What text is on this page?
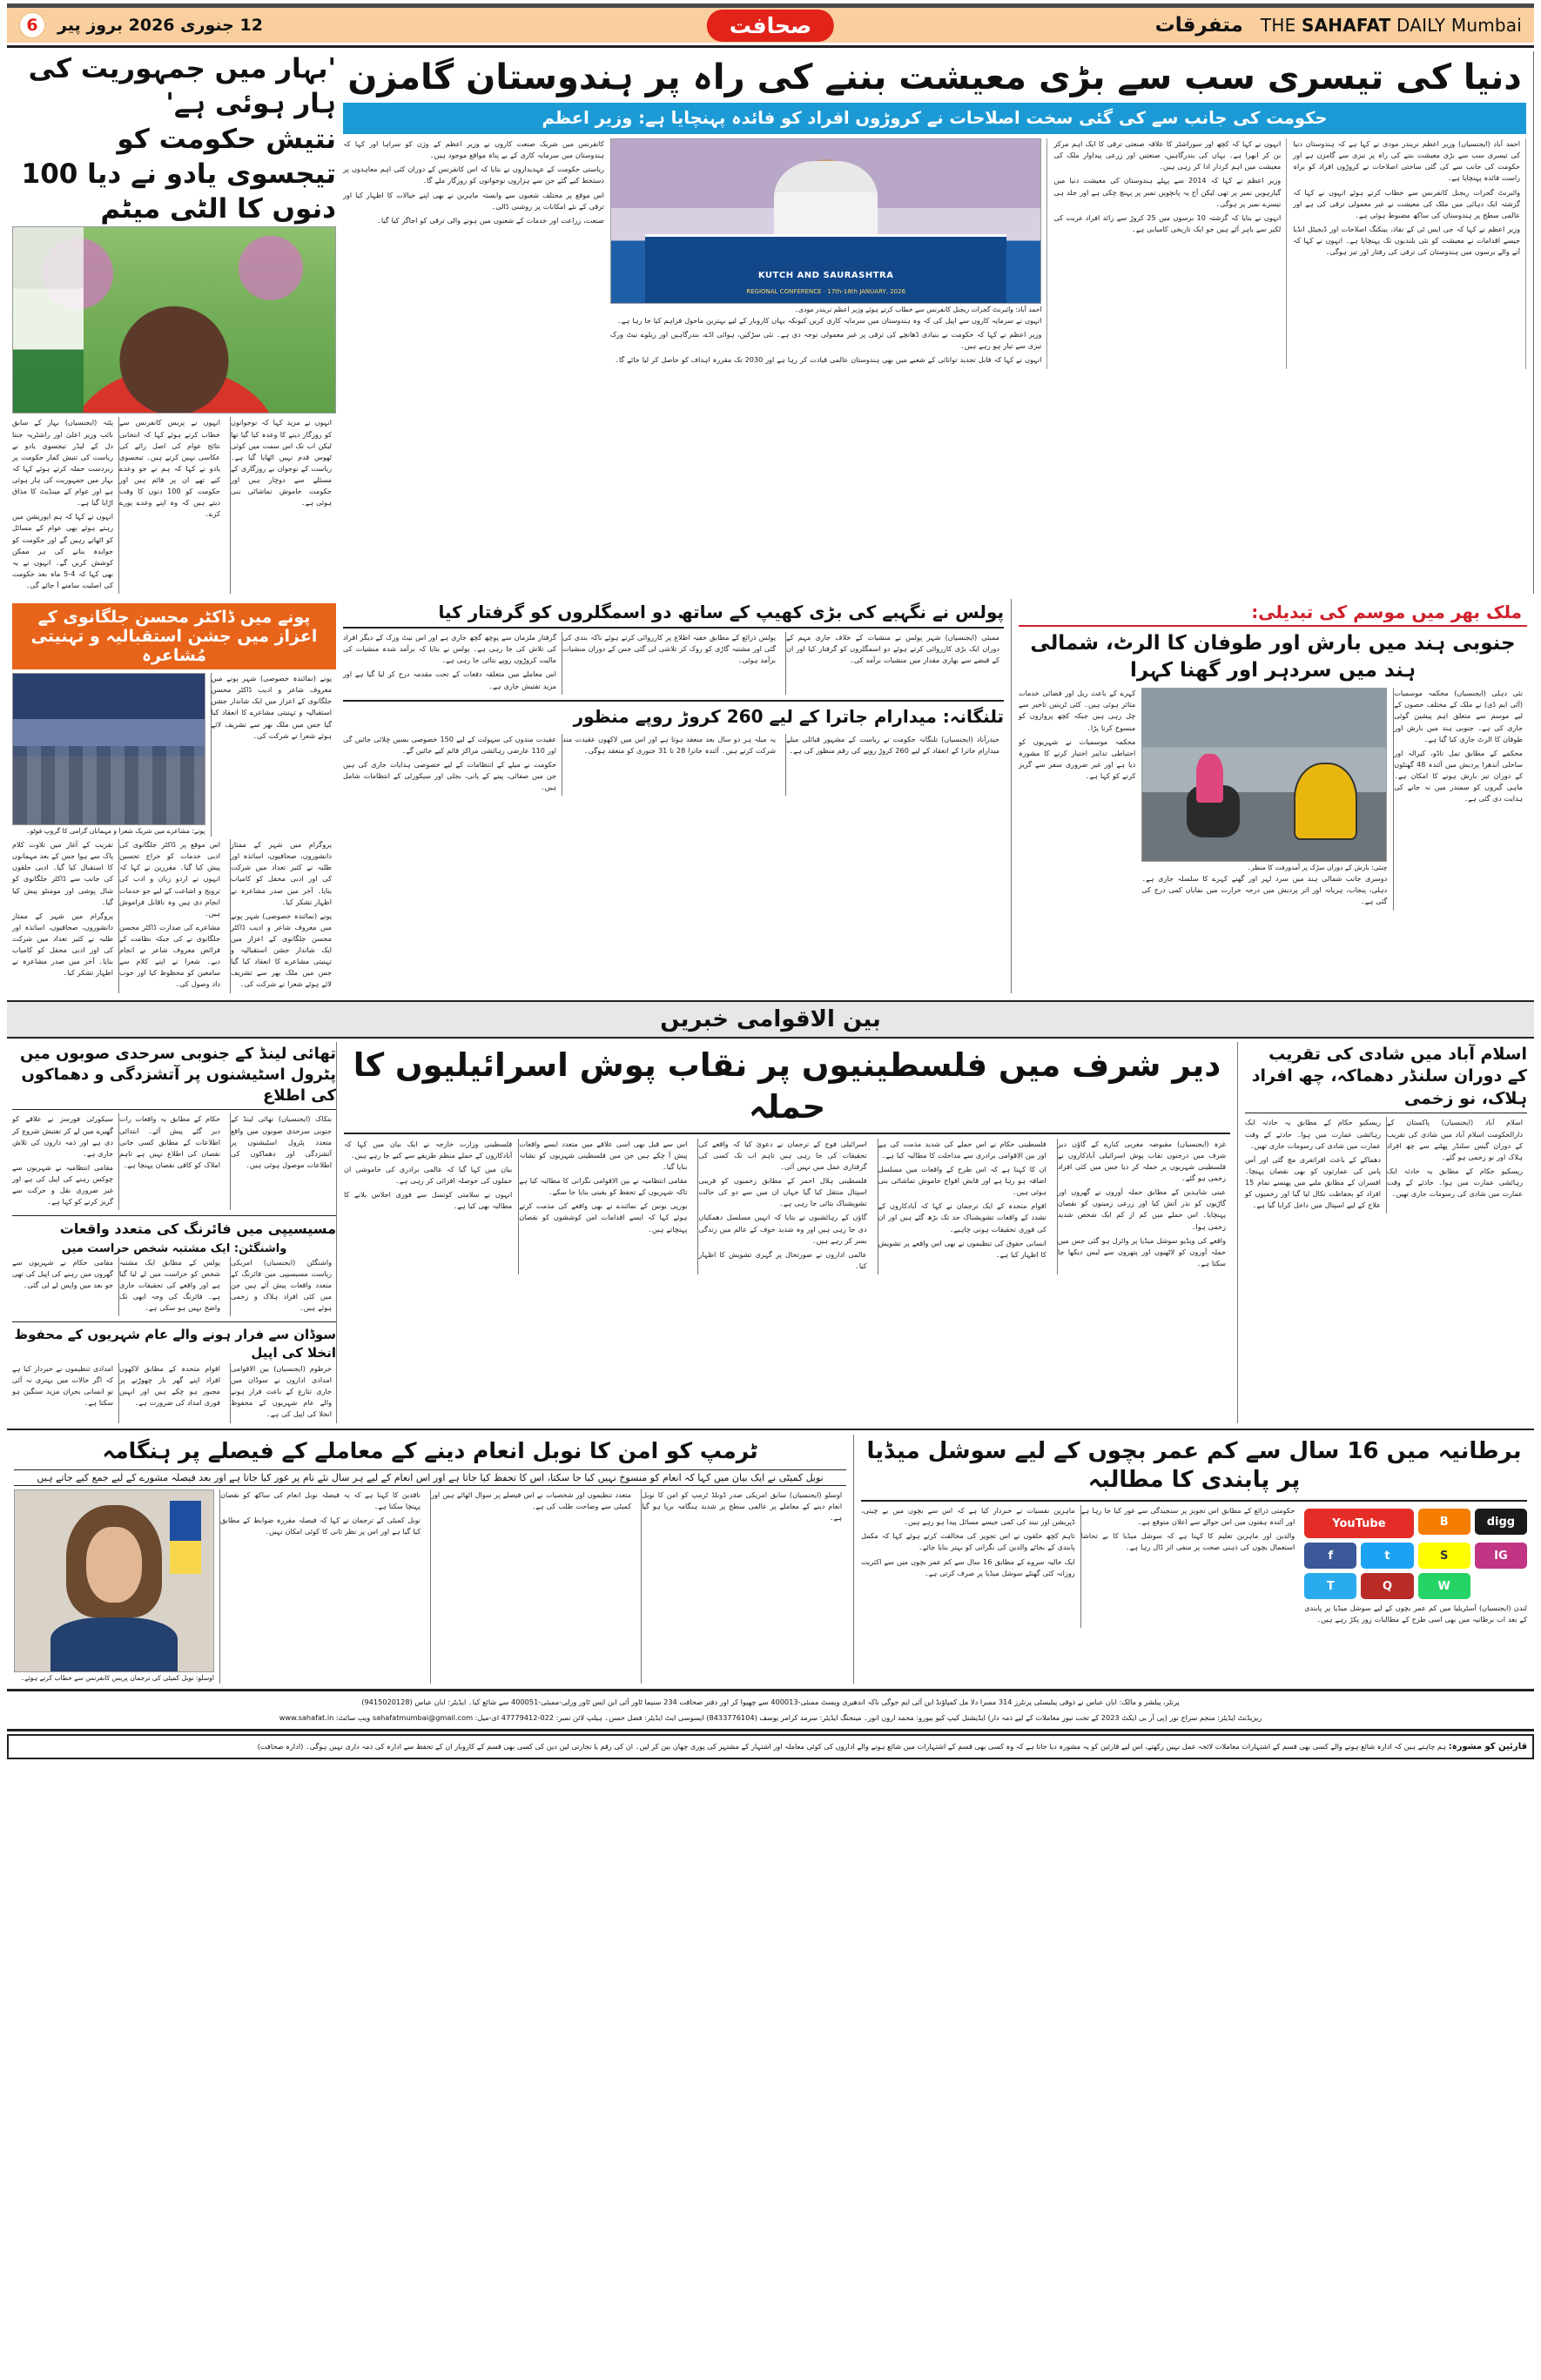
6	12 جنوری 2026 بروز پیر	صحافت	متفرقات THE SAHAFAT DAILY Mumbai
'بہار میں جمہوریت کی ہار ہوئی ہے'
نتیش حکومت کو تیجسوی یادو نے دیا 100 دنوں کا الٹی میٹم

پٹنہ (ایجنسیاں) بہار کے سابق نائب وزیر اعلیٰ اور راشٹریہ جنتا دل کے لیڈر تیجسوی یادو نے ریاست کی نتیش کمار حکومت پر زبردست حملہ کرتے ہوئے کہا کہ بہار میں جمہوریت کی ہار ہوئی ہے اور عوام کے مینڈیٹ کا مذاق اڑایا گیا ہے۔

انہوں نے کہا کہ ہم اپوزیشن میں رہتے ہوئے بھی عوام کے مسائل کو اٹھاتے رہیں گے اور حکومت کو جوابدہ بنانے کی ہر ممکن کوشش کریں گے۔ انہوں نے یہ بھی کہا کہ 4-5 ماہ بعد حکومت کی اصلیت سامنے آ جائے گی۔

انہوں نے پریس کانفرنس سے خطاب کرتے ہوئے کہا کہ انتخابی نتائج عوام کی اصل رائے کی عکاسی نہیں کرتے ہیں۔ تیجسوی یادو نے کہا کہ ہم نے جو وعدے کیے تھے ان پر قائم ہیں اور حکومت کو 100 دنوں کا وقت دیتے ہیں کہ وہ اپنے وعدے پورے کرے۔

انہوں نے مزید کہا کہ نوجوانوں کو روزگار دینے کا وعدہ کیا گیا تھا لیکن اب تک اس سمت میں کوئی ٹھوس قدم نہیں اٹھایا گیا ہے۔ ریاست کے نوجوان بے روزگاری کے مسئلے سے دوچار ہیں اور حکومت خاموش تماشائی بنی ہوئی ہے۔

دنیا کی تیسری سب سے بڑی معیشت بننے کی راہ پر ہندوستان گامزن
حکومت کی جانب سے کی گئی سخت اصلاحات نے کروڑوں افراد کو فائدہ پہنچایا ہے: وزیر اعظم

کانفرنس میں شریک صنعت کاروں نے وزیر اعظم کے وژن کو سراہا اور کہا کہ ہندوستان میں سرمایہ کاری کے بے پناہ مواقع موجود ہیں۔

ریاستی حکومت کے عہدیداروں نے بتایا کہ اس کانفرنس کے دوران کئی اہم معاہدوں پر دستخط کیے گئے جن سے ہزاروں نوجوانوں کو روزگار ملے گا۔

اس موقع پر مختلف شعبوں سے وابستہ ماہرین نے بھی اپنے خیالات کا اظہار کیا اور ترقی کے نئے امکانات پر روشنی ڈالی۔

صنعت، زراعت اور خدمات کے شعبوں میں ہونے والی ترقی کو اجاگر کیا گیا۔

KUTCH AND SAURASHTRA
REGIONAL CONFERENCE · 17th-18th JANUARY, 2026
احمد آباد: وائبرنٹ گجرات ریجنل کانفرنس سے خطاب کرتے ہوئے وزیر اعظم نریندر مودی۔

انہوں نے سرمایہ کاروں سے اپیل کی کہ وہ ہندوستان میں سرمایہ کاری کریں کیونکہ یہاں کاروبار کے لیے بہترین ماحول فراہم کیا جا رہا ہے۔

وزیر اعظم نے کہا کہ حکومت نے بنیادی ڈھانچے کی ترقی پر غیر معمولی توجہ دی ہے۔ نئی سڑکیں، ہوائی اڈے، بندرگاہیں اور ریلوے نیٹ ورک تیزی سے تیار ہو رہے ہیں۔

انہوں نے کہا کہ قابل تجدید توانائی کے شعبے میں بھی ہندوستان عالمی قیادت کر رہا ہے اور 2030 تک مقررہ اہداف کو حاصل کر لیا جائے گا۔

انہوں نے کہا کہ کچھ اور سوراشٹر کا علاقہ صنعتی ترقی کا ایک اہم مرکز بن کر ابھرا ہے۔ یہاں کی بندرگاہیں، صنعتیں اور زرعی پیداوار ملک کی معیشت میں اہم کردار ادا کر رہی ہیں۔

وزیر اعظم نے کہا کہ 2014 سے پہلے ہندوستان کی معیشت دنیا میں گیارہویں نمبر پر تھی لیکن آج یہ پانچویں نمبر پر پہنچ چکی ہے اور جلد ہی تیسرے نمبر پر ہوگی۔

انہوں نے بتایا کہ گزشتہ 10 برسوں میں 25 کروڑ سے زائد افراد غربت کی لکیر سے باہر آئے ہیں جو ایک تاریخی کامیابی ہے۔

احمد آباد (ایجنسیاں) وزیر اعظم نریندر مودی نے کہا ہے کہ ہندوستان دنیا کی تیسری سب سے بڑی معیشت بننے کی راہ پر تیزی سے گامزن ہے اور حکومت کی جانب سے کی گئی ساختی اصلاحات نے کروڑوں افراد کو براہ راست فائدہ پہنچایا ہے۔

وائبرنٹ گجرات ریجنل کانفرنس سے خطاب کرتے ہوئے انہوں نے کہا کہ گزشتہ ایک دہائی میں ملک کی معیشت نے غیر معمولی ترقی کی ہے اور عالمی سطح پر ہندوستان کی ساکھ مضبوط ہوئی ہے۔

وزیر اعظم نے کہا کہ جی ایس ٹی کے نفاذ، بینکنگ اصلاحات اور ڈیجیٹل انڈیا جیسے اقدامات نے معیشت کو نئی بلندیوں تک پہنچایا ہے۔ انہوں نے کہا کہ آنے والے برسوں میں ہندوستان کی ترقی کی رفتار اور تیز ہوگی۔

پونے میں ڈاکٹر محسن جلگانوی کے اعزاز میں جشن استقبالیہ و تہنیتی مُشاعرہ
پونے: مشاعرے میں شریک شعرا و مہمانان گرامی کا گروپ فوٹو۔

پونے (نمائندہ خصوصی) شہر پونے میں معروف شاعر و ادیب ڈاکٹر محسن جلگانوی کے اعزاز میں ایک شاندار جشن استقبالیہ و تہنیتی مشاعرے کا انعقاد کیا گیا جس میں ملک بھر سے تشریف لائے ہوئے شعرا نے شرکت کی۔

تقریب کے آغاز میں تلاوت کلام پاک سے ہوا جس کے بعد مہمانوں کا استقبال کیا گیا۔ ادبی حلقوں کی جانب سے ڈاکٹر جلگانوی کو شال پوشی اور مومنٹو پیش کیا گیا۔

پروگرام میں شہر کے ممتاز دانشوروں، صحافیوں، اساتذہ اور طلبہ نے کثیر تعداد میں شرکت کی اور ادبی محفل کو کامیاب بنایا۔ آخر میں صدر مشاعرہ نے اظہار تشکر کیا۔

اس موقع پر ڈاکٹر جلگانوی کی ادبی خدمات کو خراج تحسین پیش کیا گیا۔ مقررین نے کہا کہ انہوں نے اردو زبان و ادب کی ترویج و اشاعت کے لیے جو خدمات انجام دی ہیں وہ ناقابل فراموش ہیں۔

مشاعرے کی صدارت ڈاکٹر محسن جلگانوی نے کی جبکہ نظامت کے فرائض معروف شاعر نے انجام دیے۔ شعرا نے اپنے کلام سے سامعین کو محظوظ کیا اور خوب داد وصول کی۔

پروگرام میں شہر کے ممتاز دانشوروں، صحافیوں، اساتذہ اور طلبہ نے کثیر تعداد میں شرکت کی اور ادبی محفل کو کامیاب بنایا۔ آخر میں صدر مشاعرہ نے اظہار تشکر کیا۔

پونے (نمائندہ خصوصی) شہر پونے میں معروف شاعر و ادیب ڈاکٹر محسن جلگانوی کے اعزاز میں ایک شاندار جشن استقبالیہ و تہنیتی مشاعرے کا انعقاد کیا گیا جس میں ملک بھر سے تشریف لائے ہوئے شعرا نے شرکت کی۔

پولس نے نگہبے کی بڑی کھیپ کے ساتھ دو اسمگلروں کو گرفتار کیا

گرفتار ملزمان سے پوچھ گچھ جاری ہے اور اس نیٹ ورک کے دیگر افراد کی تلاش کی جا رہی ہے۔ پولس نے بتایا کہ برآمد شدہ منشیات کی مالیت کروڑوں روپے بتائی جا رہی ہے۔

اس معاملے میں متعلقہ دفعات کے تحت مقدمہ درج کر لیا گیا ہے اور مزید تفتیش جاری ہے۔

پولس ذرائع کے مطابق خفیہ اطلاع پر کارروائی کرتے ہوئے ناکہ بندی کی گئی اور مشتبہ گاڑی کو روک کر تلاشی لی گئی جس کے دوران منشیات برآمد ہوئی۔

ممبئی (ایجنسیاں) شہر پولس نے منشیات کے خلاف جاری مہم کے دوران ایک بڑی کارروائی کرتے ہوئے دو اسمگلروں کو گرفتار کیا اور ان کے قبضے سے بھاری مقدار میں منشیات برآمد کی۔

تلنگانہ: میدارام جاترا کے لیے 260 کروڑ روپے منظور

عقیدت مندوں کی سہولت کے لیے 150 خصوصی بسیں چلائی جائیں گی اور 110 عارضی رہائشی مراکز قائم کیے جائیں گے۔

حکومت نے میلے کے انتظامات کے لیے خصوصی ہدایات جاری کی ہیں جن میں صفائی، پینے کے پانی، بجلی اور سیکورٹی کے انتظامات شامل ہیں۔

یہ میلہ ہر دو سال بعد منعقد ہوتا ہے اور اس میں لاکھوں عقیدت مند شرکت کرتے ہیں۔ آئندہ جاترا 28 تا 31 جنوری کو منعقد ہوگی۔

حیدرآباد (ایجنسیاں) تلنگانہ حکومت نے ریاست کے مشہور قبائلی میلے میدارام جاترا کے انعقاد کے لیے 260 کروڑ روپے کی رقم منظور کی ہے۔

ملک بھر میں موسم کی تبدیلی:
جنوبی ہند میں بارش اور طوفان کا الرٹ، شمالی ہند میں سردہر اور گھنا کہرا

کہرے کے باعث ریل اور فضائی خدمات متاثر ہوئی ہیں۔ کئی ٹرینیں تاخیر سے چل رہی ہیں جبکہ کچھ پروازوں کو منسوخ کرنا پڑا۔

محکمہ موسمیات نے شہریوں کو احتیاطی تدابیر اختیار کرنے کا مشورہ دیا ہے اور غیر ضروری سفر سے گریز کرنے کو کہا ہے۔

چنئی: بارش کے دوران سڑک پر آمدورفت کا منظر۔

دوسری جانب شمالی ہند میں سرد لہر اور گھنے کہرے کا سلسلہ جاری ہے۔ دہلی، پنجاب، ہریانہ اور اتر پردیش میں درجہ حرارت میں نمایاں کمی درج کی گئی ہے۔

نئی دہلی (ایجنسیاں) محکمہ موسمیات (آئی ایم ڈی) نے ملک کے مختلف حصوں کے لیے موسم سے متعلق اہم پیشین گوئی جاری کی ہے۔ جنوبی ہند میں بارش اور طوفان کا الرٹ جاری کیا گیا ہے۔

محکمے کے مطابق تمل ناڈو، کیرالہ اور ساحلی آندھرا پردیش میں آئندہ 48 گھنٹوں کے دوران تیز بارش ہونے کا امکان ہے۔ ماہی گیروں کو سمندر میں نہ جانے کی ہدایت دی گئی ہے۔

بین الاقوامی خبریں
تھائی لینڈ کے جنوبی سرحدی صوبوں میں پٹرول اسٹیشنوں پر آتشزدگی و دھماکوں کی اطلاع

سیکورٹی فورسز نے علاقے کو گھیرے میں لے کر تفتیش شروع کر دی ہے اور ذمہ داروں کی تلاش جاری ہے۔

مقامی انتظامیہ نے شہریوں سے چوکس رہنے کی اپیل کی ہے اور غیر ضروری نقل و حرکت سے گریز کرنے کو کہا ہے۔

حکام کے مطابق یہ واقعات رات دیر گئے پیش آئے۔ ابتدائی اطلاعات کے مطابق کسی جانی نقصان کی اطلاع نہیں ہے تاہم املاک کو کافی نقصان پہنچا ہے۔

بنکاک (ایجنسیاں) تھائی لینڈ کے جنوبی سرحدی صوبوں میں واقع متعدد پٹرول اسٹیشنوں پر آتشزدگی اور دھماکوں کی اطلاعات موصول ہوئی ہیں۔

مسیسیپی میں فائرنگ کی متعدد واقعات
واشنگٹن: ایک مشتبہ شخص حراست میں

مقامی حکام نے شہریوں سے گھروں میں رہنے کی اپیل کی تھی جو بعد میں واپس لے لی گئی۔

پولس کے مطابق ایک مشتبہ شخص کو حراست میں لے لیا گیا ہے اور واقعے کی تحقیقات جاری ہے۔ فائرنگ کی وجہ ابھی تک واضح نہیں ہو سکی ہے۔

واشنگٹن (ایجنسیاں) امریکی ریاست مسیسیپی میں فائرنگ کے متعدد واقعات پیش آئے ہیں جن میں کئی افراد ہلاک و زخمی ہوئے ہیں۔

سوڈان سے فرار ہونے والے عام شہریوں کے محفوظ انخلا کی اپیل

امدادی تنظیموں نے خبردار کیا ہے کہ اگر حالات میں بہتری نہ آئی تو انسانی بحران مزید سنگین ہو سکتا ہے۔

اقوام متحدہ کے مطابق لاکھوں افراد اپنے گھر بار چھوڑنے پر مجبور ہو چکے ہیں اور انہیں فوری امداد کی ضرورت ہے۔

خرطوم (ایجنسیاں) بین الاقوامی امدادی اداروں نے سوڈان میں جاری تنازع کے باعث فرار ہونے والے عام شہریوں کے محفوظ انخلا کی اپیل کی ہے۔

دیر شرف میں فلسطینیوں پر نقاب پوش اسرائیلیوں کا حملہ

فلسطینی وزارت خارجہ نے ایک بیان میں کہا کہ آبادکاروں کے حملے منظم طریقے سے کیے جا رہے ہیں۔

بیان میں کہا گیا کہ عالمی برادری کی خاموشی ان حملوں کی حوصلہ افزائی کر رہی ہے۔

انہوں نے سلامتی کونسل سے فوری اجلاس بلانے کا مطالبہ بھی کیا ہے۔

اس سے قبل بھی اسی علاقے میں متعدد ایسے واقعات پیش آ چکے ہیں جن میں فلسطینی شہریوں کو نشانہ بنایا گیا۔

مقامی انتظامیہ نے بین الاقوامی نگرانی کا مطالبہ کیا ہے تاکہ شہریوں کے تحفظ کو یقینی بنایا جا سکے۔

یورپی یونین کے نمائندے نے بھی واقعے کی مذمت کرتے ہوئے کہا کہ ایسے اقدامات امن کوششوں کو نقصان پہنچاتے ہیں۔

اسرائیلی فوج کے ترجمان نے دعویٰ کیا کہ واقعے کی تحقیقات کی جا رہی ہیں تاہم اب تک کسی کی گرفتاری عمل میں نہیں آئی۔

فلسطینی ہلال احمر کے مطابق زخمیوں کو قریبی اسپتال منتقل کیا گیا جہاں ان میں سے دو کی حالت تشویشناک بتائی جا رہی ہے۔

گاؤں کے رہائشیوں نے بتایا کہ انہیں مسلسل دھمکیاں دی جا رہی ہیں اور وہ شدید خوف کے عالم میں زندگی بسر کر رہے ہیں۔

عالمی اداروں نے صورتحال پر گہری تشویش کا اظہار کیا۔

فلسطینی حکام نے اس حملے کی شدید مذمت کی ہے اور بین الاقوامی برادری سے مداخلت کا مطالبہ کیا ہے۔

ان کا کہنا ہے کہ اس طرح کے واقعات میں مسلسل اضافہ ہو رہا ہے اور قابض افواج خاموش تماشائی بنی ہوئی ہیں۔

اقوام متحدہ کے ایک ترجمان نے کہا کہ آبادکاروں کے تشدد کے واقعات تشویشناک حد تک بڑھ گئے ہیں اور ان کی فوری تحقیقات ہونی چاہیے۔

انسانی حقوق کی تنظیموں نے بھی اس واقعے پر تشویش کا اظہار کیا ہے۔

غزہ (ایجنسیاں) مقبوضہ مغربی کنارے کے گاؤں دیر شرف میں درجنوں نقاب پوش اسرائیلی آبادکاروں نے فلسطینی شہریوں پر حملہ کر دیا جس میں کئی افراد زخمی ہو گئے۔

عینی شاہدین کے مطابق حملہ آوروں نے گھروں اور گاڑیوں کو نذر آتش کیا اور زرعی زمینوں کو نقصان پہنچایا۔ اس حملے میں کم از کم ایک شخص شدید زخمی ہوا۔

واقعے کی ویڈیو سوشل میڈیا پر وائرل ہو گئی جس میں حملہ آوروں کو لاٹھیوں اور پتھروں سے لیس دیکھا جا سکتا ہے۔

اسلام آباد میں شادی کی تقریب کے دوران سلنڈر دھماکہ، چھ افراد ہلاک، نو زخمی

ریسکیو حکام کے مطابق یہ حادثہ ایک رہائشی عمارت میں ہوا۔ حادثے کے وقت عمارت میں شادی کی رسومات جاری تھیں۔

دھماکے کے باعث افراتفری مچ گئی اور آس پاس کی عمارتوں کو بھی نقصان پہنچا۔ افسران کے مطابق ملبے میں پھنسے تمام 15 افراد کو بحفاظت نکال لیا گیا اور زخمیوں کو علاج کے لیے اسپتال میں داخل کرایا گیا ہے۔

اسلام آباد (ایجنسیاں) پاکستان کے دارالحکومت اسلام آباد میں شادی کی تقریب کے دوران گیس سلنڈر پھٹنے سے چھ افراد ہلاک اور نو زخمی ہو گئے۔

ریسکیو حکام کے مطابق یہ حادثہ ایک رہائشی عمارت میں ہوا۔ حادثے کے وقت عمارت میں شادی کی رسومات جاری تھیں۔

ٹرمپ کو امن کا نوبل انعام دینے کے معاملے کے فیصلے پر ہنگامہ
نوبل کمیٹی نے ایک بیان میں کہا کہ انعام کو منسوخ نہیں کیا جا سکتا، اس کا تحفظ کیا جاتا ہے اور اس انعام کے لیے ہر سال نئے نام پر غور کیا جاتا ہے اور بعد فیصلہ مشورے کے لیے جمع کیے جاتے ہیں
اوسلو: نوبل کمیٹی کی ترجمان پریس کانفرنس سے خطاب کرتے ہوئے۔

ناقدین کا کہنا ہے کہ یہ فیصلہ نوبل انعام کی ساکھ کو نقصان پہنچا سکتا ہے۔

نوبل کمیٹی کے ترجمان نے کہا کہ فیصلہ مقررہ ضوابط کے مطابق کیا گیا ہے اور اس پر نظر ثانی کا کوئی امکان نہیں۔

متعدد تنظیموں اور شخصیات نے اس فیصلے پر سوال اٹھائے ہیں اور کمیٹی سے وضاحت طلب کی ہے۔

اوسلو (ایجنسیاں) سابق امریکی صدر ڈونلڈ ٹرمپ کو امن کا نوبل انعام دینے کے معاملے پر عالمی سطح پر شدید ہنگامہ برپا ہو گیا ہے۔

برطانیہ میں 16 سال سے کم عمر بچوں کے لیے سوشل میڈیا پر پابندی کا مطالبہ

ماہرین نفسیات نے خبردار کیا ہے کہ اس سے بچوں میں بے چینی، ڈپریشن اور نیند کی کمی جیسے مسائل پیدا ہو رہے ہیں۔

تاہم کچھ حلقوں نے اس تجویز کی مخالفت کرتے ہوئے کہا کہ مکمل پابندی کے بجائے والدین کی نگرانی کو بہتر بنایا جائے۔

ایک حالیہ سروے کے مطابق 16 سال سے کم عمر بچوں میں سے اکثریت روزانہ کئی گھنٹے سوشل میڈیا پر صرف کرتی ہے۔

حکومتی ذرائع کے مطابق اس تجویز پر سنجیدگی سے غور کیا جا رہا ہے اور آئندہ ہفتوں میں اس حوالے سے اعلان متوقع ہے۔

والدین اور ماہرین تعلیم کا کہنا ہے کہ سوشل میڈیا کا بے تحاشا استعمال بچوں کی ذہنی صحت پر منفی اثر ڈال رہا ہے۔

YouTube	B	digg
f	t	S	IG
T	Q	W

لندن (ایجنسیاں) آسٹریلیا میں کم عمر بچوں کے لیے سوشل میڈیا پر پابندی کے بعد اب برطانیہ میں بھی اسی طرح کے مطالبات زور پکڑ رہے ہیں۔

پرنٹر، پبلشر و مالک: ابان عباس نے ذوقی پبلیسٹی پرنٹرز 314 ممبرا دلا مل کمپاؤنڈ این آئی ایم جوگی ناکہ اندھیری ویسٹ ممبئی-400013 سے چھپوا کر اور دفتر صحافت 234 سنیما ٹاور آئی این ایس ٹاور ورلی-ممبئی-400051 سے شائع کیا۔ ایڈیٹر: ابان عباس (9415020128)
ریزیڈنٹ ایڈیٹر: منجم سراج نور (پی آر بی ایکٹ 2023 کے تحت نیوز معاملات کے لیے ذمہ دار) ایڈیشنل کیپ کیو بیورو: محمد ارون انور۔ مینجنگ ایڈیٹر: سرمد کرامر یوسف (8433776104) ایسوسی ایٹ ایڈیٹر: فضل حسن۔ ہیلپ لائن نمبر: 022-47779412 ای-میل: sahafatmumbai@gmail.com ویب سائٹ: www.sahafat.in
قارئین کو مشورہ: ہم چاہتے ہیں کہ ادارہ شائع ہونے والے کسی بھی قسم کے اشتہارات معاملات لائحہ عمل نہیں رکھتے، اس لیے قارئین کو یہ مشورہ دیا جاتا ہے کہ وہ کسی بھی قسم کے اشتہارات میں شائع ہونے والے اداروں کی کوئی معاملہ اور اشتہار کے مشتہر کی پوری چھان بین کر لیں۔ ان کی رقم یا تجارتی لین دین کی کسی بھی قسم کے کاروبار ان کے تحفظ سے ادارہ کی ذمہ داری نہیں ہوگی۔ (ادارہ صحافت)
